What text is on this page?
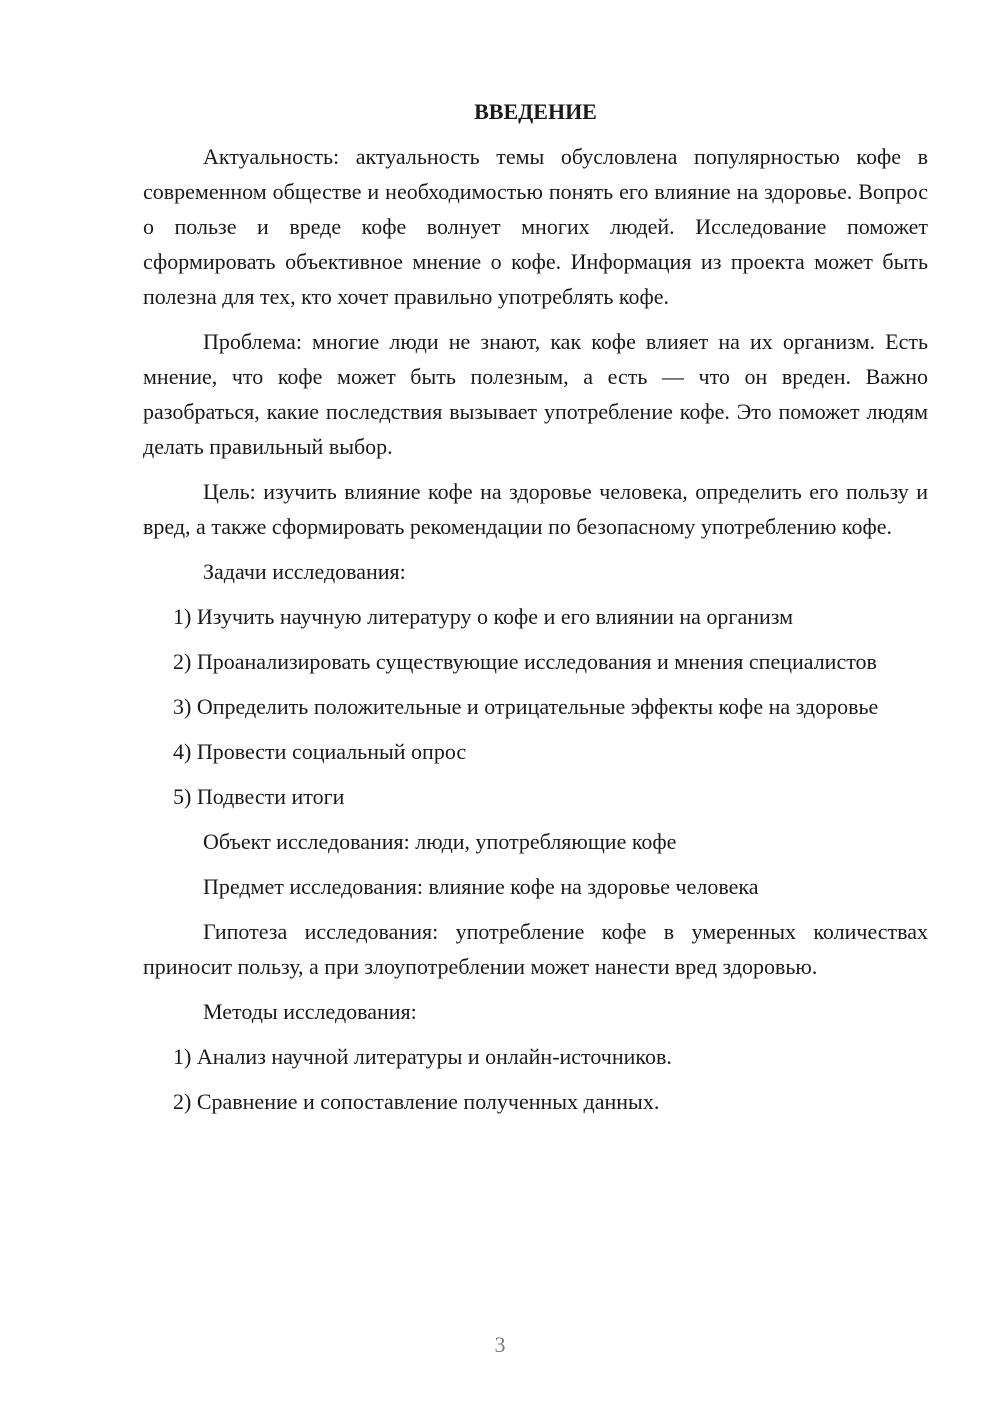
ВВЕДЕНИЕ

Актуальность: актуальность темы обусловлена популярностью кофе в современном обществе и необходимостью понять его влияние на здоровье. Вопрос о пользе и вреде кофе волнует многих людей. Исследование поможет сформировать объективное мнение о кофе. Информация из проекта может быть полезна для тех, кто хочет правильно употреблять кофе.

Проблема: многие люди не знают, как кофе влияет на их организм. Есть мнение, что кофе может быть полезным, а есть — что он вреден. Важно разобраться, какие последствия вызывает употребление кофе. Это поможет людям делать правильный выбор.

Цель: изучить влияние кофе на здоровье человека, определить его пользу и вред, а также сформировать рекомендации по безопасному употреблению кофе.

Задачи исследования:

1) Изучить научную литературу о кофе и его влиянии на организм

2) Проанализировать существующие исследования и мнения специалистов

3) Определить положительные и отрицательные эффекты кофе на здоровье

4) Провести социальный опрос

5) Подвести итоги

Объект исследования: люди, употребляющие кофе

Предмет исследования: влияние кофе на здоровье человека

Гипотеза исследования: употребление кофе в умеренных количествах приносит пользу, а при злоупотреблении может нанести вред здоровью.

Методы исследования:

1) Анализ научной литературы и онлайн-источников.

2) Сравнение и сопоставление полученных данных.

3
